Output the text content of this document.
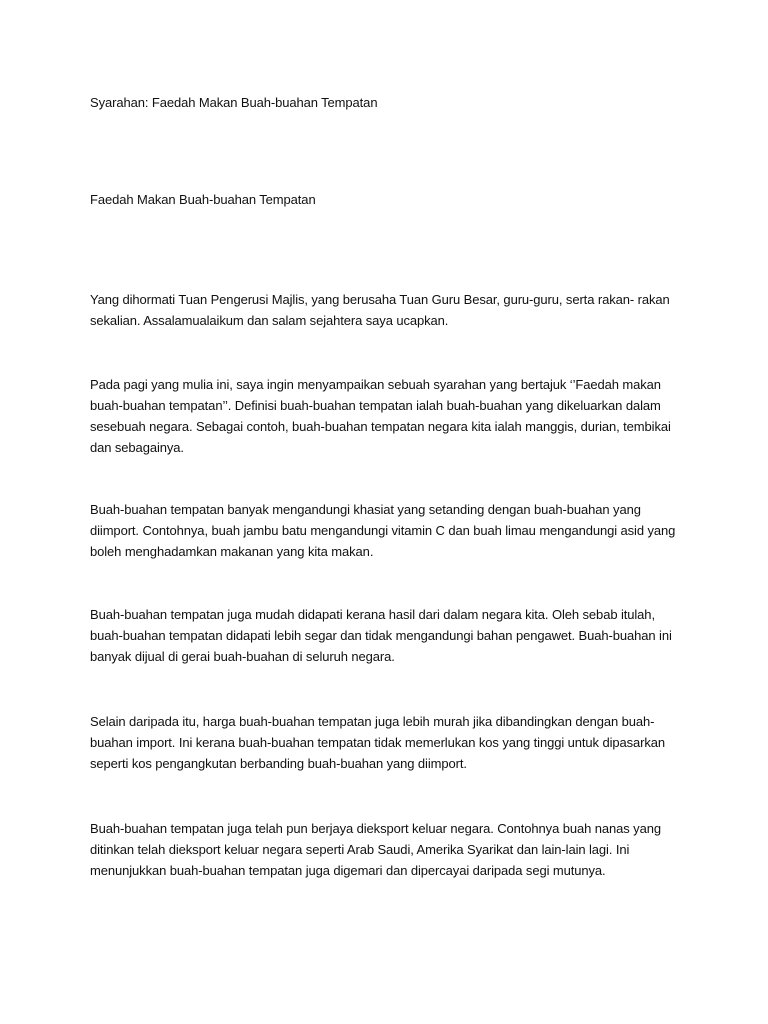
Syarahan: Faedah Makan Buah-buahan Tempatan

Faedah Makan Buah-buahan Tempatan

Yang dihormati Tuan Pengerusi Majlis, yang berusaha Tuan Guru Besar, guru-guru, serta rakan- rakan sekalian. Assalamualaikum dan salam sejahtera saya ucapkan.

Pada pagi yang mulia ini, saya ingin menyampaikan sebuah syarahan yang bertajuk ‘’Faedah makan buah-buahan tempatan’’. Definisi buah-buahan tempatan ialah buah-buahan yang dikeluarkan dalam sesebuah negara. Sebagai contoh, buah-buahan tempatan negara kita ialah manggis, durian, tembikai dan sebagainya.

Buah-buahan tempatan banyak mengandungi khasiat yang setanding dengan buah-buahan yang diimport. Contohnya, buah jambu batu mengandungi vitamin C dan buah limau mengandungi asid yang boleh menghadamkan makanan yang kita makan.

Buah-buahan tempatan juga mudah didapati kerana hasil dari dalam negara kita. Oleh sebab itulah, buah-buahan tempatan didapati lebih segar dan tidak mengandungi bahan pengawet. Buah-buahan ini banyak dijual di gerai buah-buahan di seluruh negara.

Selain daripada itu, harga buah-buahan tempatan juga lebih murah jika dibandingkan dengan buah-buahan import. Ini kerana buah-buahan tempatan tidak memerlukan kos yang tinggi untuk dipasarkan seperti kos pengangkutan berbanding buah-buahan yang diimport.

Buah-buahan tempatan juga telah pun berjaya dieksport keluar negara. Contohnya buah nanas yang ditinkan telah dieksport keluar negara seperti Arab Saudi, Amerika Syarikat dan lain-lain lagi. Ini menunjukkan buah-buahan tempatan juga digemari dan dipercayai daripada segi mutunya.
